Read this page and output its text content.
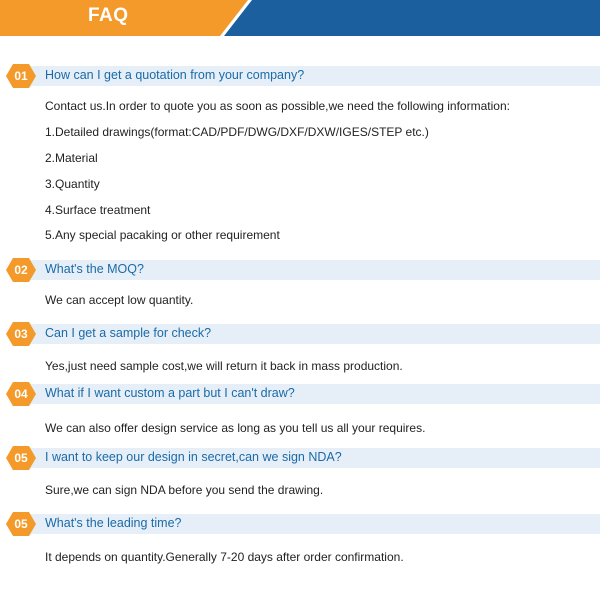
FAQ
01	How can I get a quotation from your company?
Contact us.In order to quote you as soon as possible,we need the following information:
1.Detailed drawings(format:CAD/PDF/DWG/DXF/DXW/IGES/STEP etc.)
2.Material
3.Quantity
4.Surface treatment
5.Any special pacaking or other requirement
02	What's the MOQ?
We can accept low quantity.
03	Can I get a sample for check?
Yes,just need sample cost,we will return it back in mass production.
04	What if I want custom a part but I can't draw?
We can also offer design service as long as you tell us all your requires.
05	I want to keep our design in secret,can we sign NDA?
Sure,we can sign NDA before you send the drawing.
05	What's the leading time?
It depends on quantity.Generally 7-20 days after order confirmation.
